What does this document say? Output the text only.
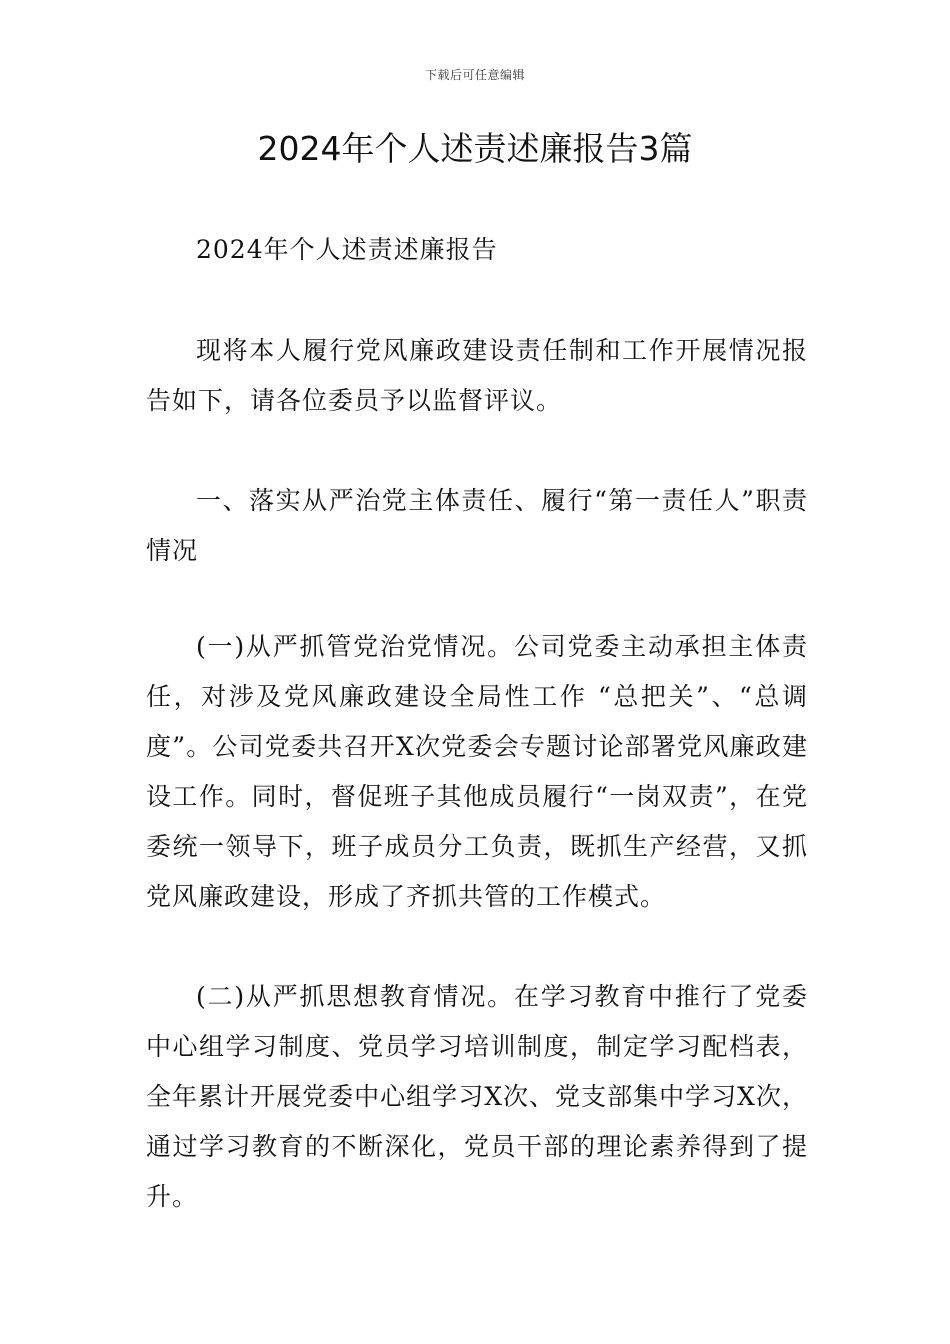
下载后可任意编辑
2024年个人述责述廉报告3篇

2024年个人述责述廉报告

现将本人履行党风廉政建设责任制和工作开展情况报告如下，请各位委员予以监督评议。

一、落实从严治党主体责任、履行“第一责任人”职责情况

(一)从严抓管党治党情况。公司党委主动承担主体责任，对涉及党风廉政建设全局性工作 “总把关”、“总调度”。公司党委共召开X次党委会专题讨论部署党风廉政建设工作。同时，督促班子其他成员履行“一岗双责”，在党委统一领导下，班子成员分工负责，既抓生产经营，又抓党风廉政建设，形成了齐抓共管的工作模式。

(二)从严抓思想教育情况。在学习教育中推行了党委中心组学习制度、党员学习培训制度，制定学习配档表，全年累计开展党委中心组学习X次、党支部集中学习X次，通过学习教育的不断深化，党员干部的理论素养得到了提升。
